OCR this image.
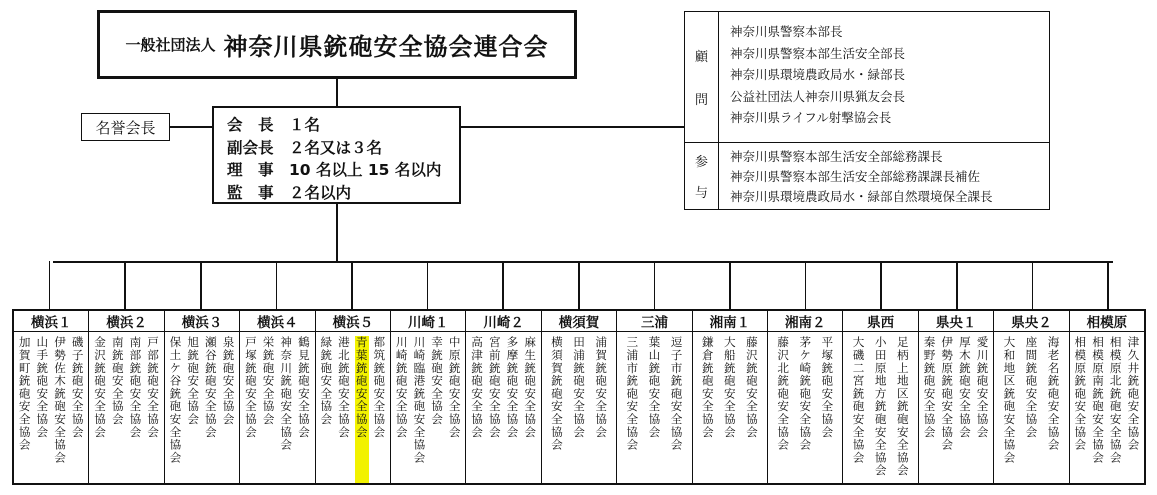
一般社団法人 神奈川県銃砲安全協会連合会
名誉会長	会　長　１名
副会長　２名又は３名
理　事　10 名以上 15 名以内
監　事　２名以内
顧
問
神奈川県警察本部長
神奈川県警察本部生活安全部長
神奈川県環境農政局水・緑部長
公益社団法人神奈川県猟友会長
神奈川県ライフル射撃協会長
参
与
神奈川県警察本部生活安全部総務課長
神奈川県警察本部生活安全部総務課課長補佐
神奈川県環境農政局水・緑部自然環境保全課長
横浜１
磯子銃砲安全協会
伊勢佐木銃砲安全協会
山手銃砲安全協会
加賀町銃砲安全協会
横浜２
戸部銃砲安全協会
南部銃砲安全協会
南銃砲安全協会
金沢銃砲安全協会
横浜３
泉銃砲安全協会
瀬谷銃砲安全協会
旭銃砲安全協会
保土ケ谷銃砲安全協会
横浜４
鶴見銃砲安全協会
神奈川銃砲安全協会
栄銃砲安全協会
戸塚銃砲安全協会
横浜５
都筑銃砲安全協会
青葉銃砲安全協会
港北銃砲安全協会
緑銃砲安全協会
川崎１
中原銃砲安全協会
幸銃砲安全協会
川崎臨港銃砲安全協会
川崎銃砲安全協会
川崎２
麻生銃砲安全協会
多摩銃砲安全協会
宮前銃砲安全協会
高津銃砲安全協会
横須賀
浦賀銃砲安全協会
田浦銃砲安全協会
横須賀銃砲安全協会
三浦
逗子市銃砲安全協会
葉山銃砲安全協会
三浦市銃砲安全協会
湘南１
藤沢銃砲安全協会
大船銃砲安全協会
鎌倉銃砲安全協会
湘南２
平塚銃砲安全協会
茅ケ崎銃砲安全協会
藤沢北銃砲安全協会
県西
足柄上地区銃砲安全協会
小田原地方銃砲安全協会
大磯二宮銃砲安全協会
県央１
愛川銃砲安全協会
厚木銃砲安全協会
伊勢原銃砲安全協会
秦野銃砲安全協会
県央２
海老名銃砲安全協会
座間銃砲安全協会
大和地区銃砲安全協会
相模原
津久井銃砲安全協会
相模原北銃砲安全協会
相模原南銃砲安全協会
相模原銃砲安全協会
